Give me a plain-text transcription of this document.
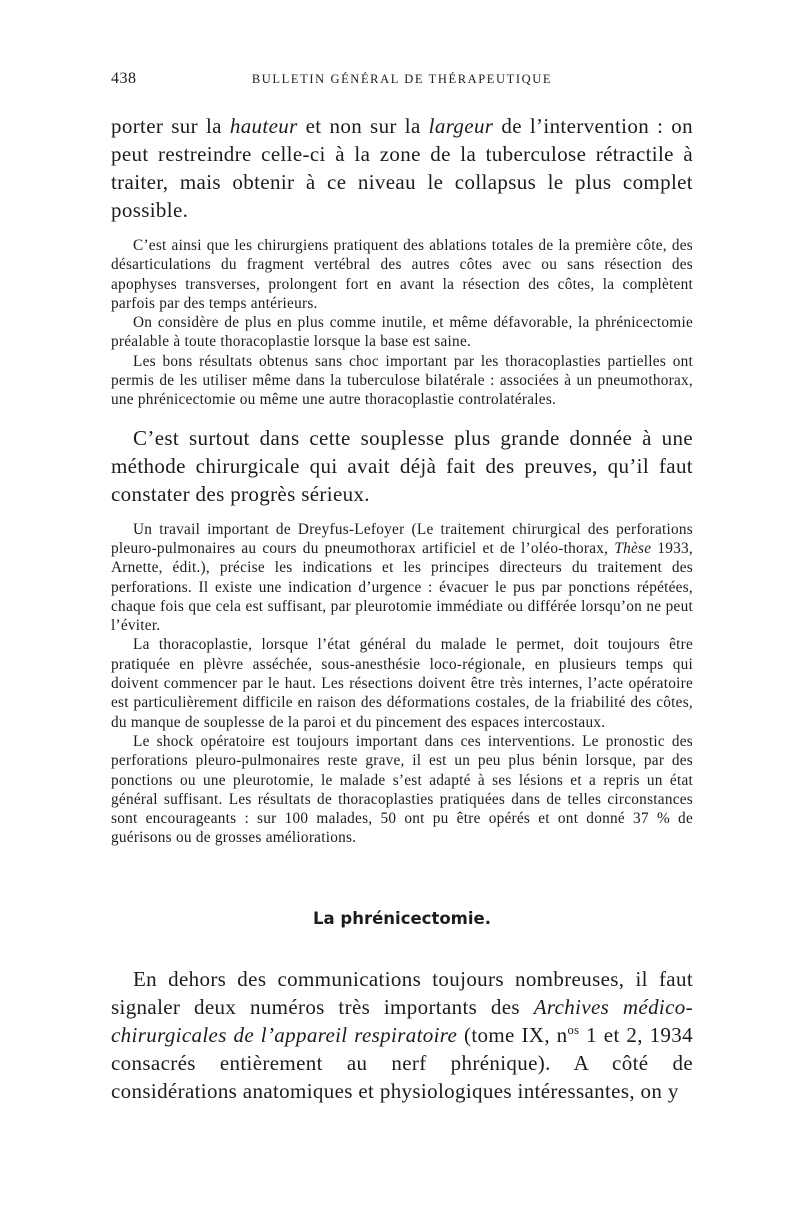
438	BULLETIN GÉNÉRAL DE THÉRAPEUTIQUE

porter sur la hauteur et non sur la largeur de l’intervention : on peut restreindre celle-ci à la zone de la tuberculose rétractile à traiter, mais obtenir à ce niveau le collapsus le plus complet possible.

C’est ainsi que les chirurgiens pratiquent des ablations totales de la première côte, des désarticulations du fragment vertébral des autres côtes avec ou sans résection des apophyses transverses, prolongent fort en avant la résection des côtes, la complètent parfois par des temps antérieurs.

On considère de plus en plus comme inutile, et même défavorable, la phrénicectomie préalable à toute thoracoplastie lorsque la base est saine.

Les bons résultats obtenus sans choc important par les thoracoplasties partielles ont permis de les utiliser même dans la tuberculose bilatérale : associées à un pneumothorax, une phrénicectomie ou même une autre thoracoplastie controlatérales.

C’est surtout dans cette souplesse plus grande donnée à une méthode chirurgicale qui avait déjà fait des preuves, qu’il faut constater des progrès sérieux.

Un travail important de Dreyfus-Lefoyer (Le traitement chirurgical des perforations pleuro-pulmonaires au cours du pneumothorax artificiel et de l’oléo-thorax, Thèse 1933, Arnette, édit.), précise les indications et les principes directeurs du traitement des perforations. Il existe une indication d’urgence : évacuer le pus par ponctions répétées, chaque fois que cela est suffisant, par pleurotomie immédiate ou différée lorsqu’on ne peut l’éviter.

La thoracoplastie, lorsque l’état général du malade le permet, doit toujours être pratiquée en plèvre asséchée, sous-anesthésie loco-régionale, en plusieurs temps qui doivent commencer par le haut. Les résections doivent être très internes, l’acte opératoire est particulièrement difficile en raison des déformations costales, de la friabilité des côtes, du manque de souplesse de la paroi et du pincement des espaces intercostaux.

Le shock opératoire est toujours important dans ces interventions. Le pronostic des perforations pleuro-pulmonaires reste grave, il est un peu plus bénin lorsque, par des ponctions ou une pleurotomie, le malade s’est adapté à ses lésions et a repris un état général suffisant. Les résultats de thoracoplasties pratiquées dans de telles circonstances sont encourageants : sur 100 malades, 50 ont pu être opérés et ont donné 37 % de guérisons ou de grosses améliorations.

La phrénicectomie.

En dehors des communications toujours nombreuses, il faut signaler deux numéros très importants des Archives médico-chirurgicales de l’appareil respiratoire (tome IX, $n^{os}$ 1 et 2, 1934 consacrés entièrement au nerf phrénique). A côté de considérations anatomiques et physiologiques intéressantes, on y
